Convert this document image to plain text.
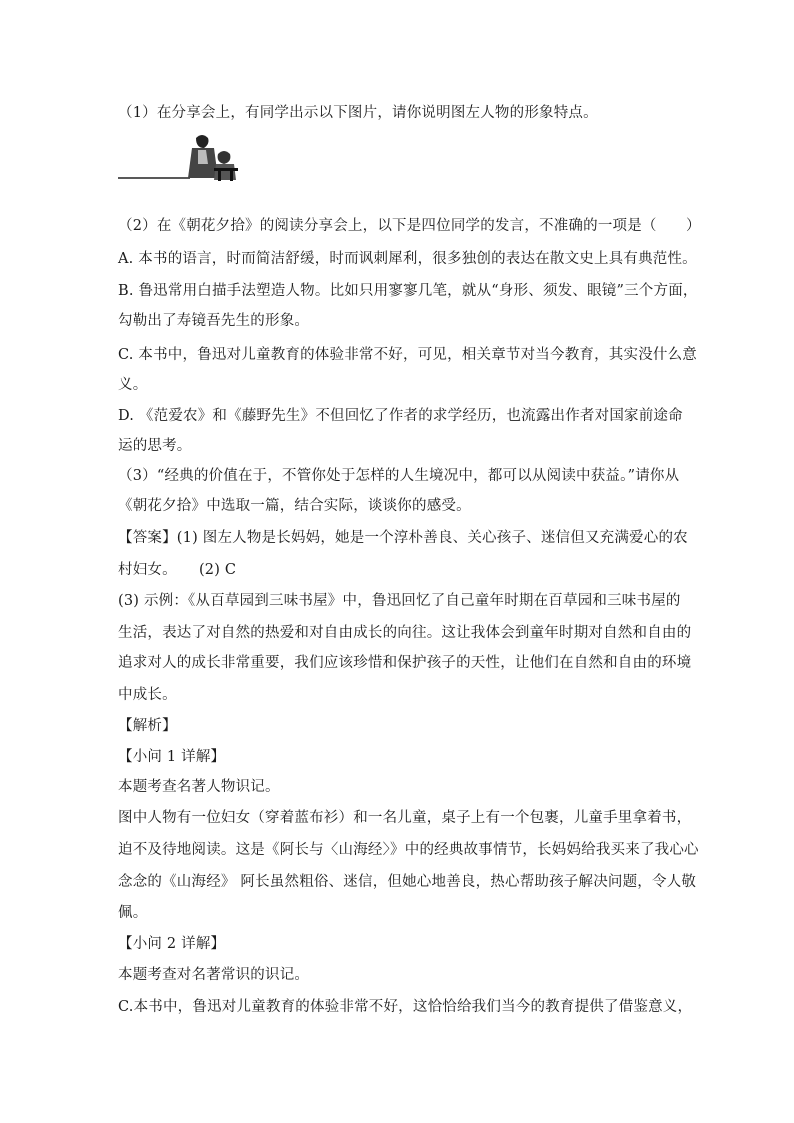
（1）在分享会上，有同学出示以下图片，请你说明图左人物的形象特点。
（2）在《朝花夕拾》的阅读分享会上，以下是四位同学的发言，不准确的一项是（　　）
A. 本书的语言，时而简洁舒缓，时而讽刺犀利，很多独创的表达在散文史上具有典范性。
B. 鲁迅常用白描手法塑造人物。比如只用寥寥几笔，就从“身形、须发、眼镜”三个方面，
勾勒出了寿镜吾先生的形象。
C. 本书中，鲁迅对儿童教育的体验非常不好，可见，相关章节对当今教育，其实没什么意
义。
D. 《范爱农》和《藤野先生》不但回忆了作者的求学经历，也流露出作者对国家前途命
运的思考。
（3）“经典的价值在于，不管你处于怎样的人生境况中，都可以从阅读中获益。”请你从
《朝花夕拾》中选取一篇，结合实际，谈谈你的感受。
【答案】(1) 图左人物是长妈妈，她是一个淳朴善良、关心孩子、迷信但又充满爱心的农
村妇女。　　(2) C
(3) 示例：《从百草园到三味书屋》中，鲁迅回忆了自己童年时期在百草园和三味书屋的
生活，表达了对自然的热爱和对自由成长的向往。这让我体会到童年时期对自然和自由的
追求对人的成长非常重要，我们应该珍惜和保护孩子的天性，让他们在自然和自由的环境
中成长。
【解析】
【小问 1 详解】
本题考查名著人物识记。
图中人物有一位妇女（穿着蓝布衫）和一名儿童，桌子上有一个包裹，儿童手里拿着书，
迫不及待地阅读。这是《阿长与〈山海经〉》中的经典故事情节，长妈妈给我买来了我心心
念念的《山海经》 阿长虽然粗俗、迷信，但她心地善良，热心帮助孩子解决问题，令人敬
佩。
【小问 2 详解】
本题考查对名著常识的识记。
C.本书中，鲁迅对儿童教育的体验非常不好，这恰恰给我们当今的教育提供了借鉴意义，
